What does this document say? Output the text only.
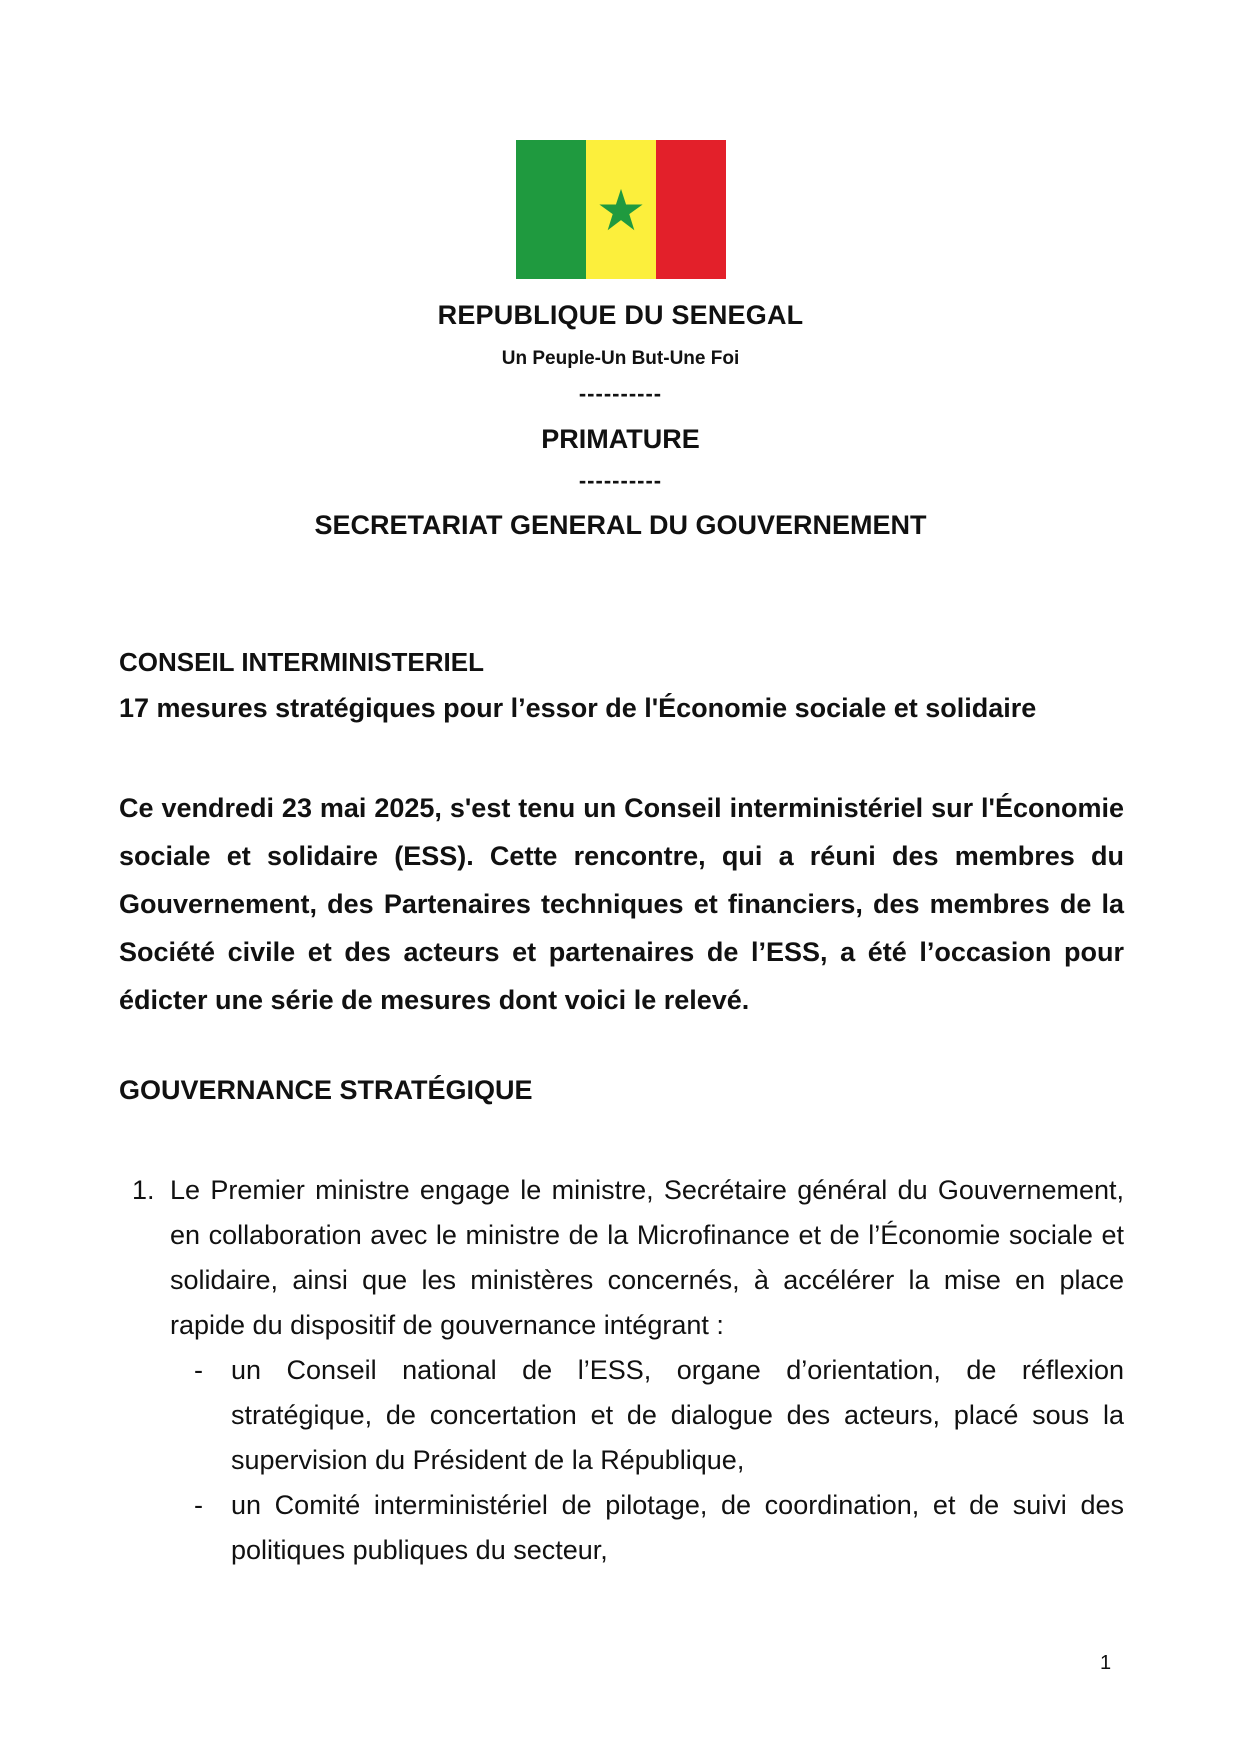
REPUBLIQUE DU SENEGAL
Un Peuple-Un But-Une Foi
----------
PRIMATURE
----------
SECRETARIAT GENERAL DU GOUVERNEMENT
CONSEIL INTERMINISTERIEL
17 mesures stratégiques pour l’essor de l'Économie sociale et solidaire
Ce vendredi 23 mai 2025, s'est tenu un Conseil interministériel sur l'Économie sociale et solidaire (ESS). Cette rencontre, qui a réuni des membres du Gouvernement, des Partenaires techniques et financiers, des membres de la Société civile et des acteurs et partenaires de l’ESS, a été l’occasion pour édicter une série de mesures dont voici le relevé.
GOUVERNANCE STRATÉGIQUE
1. Le Premier ministre engage le ministre, Secrétaire général du Gouvernement, en collaboration avec le ministre de la Microfinance et de l’Économie sociale et solidaire, ainsi que les ministères concernés, à accélérer la mise en place rapide du dispositif de gouvernance intégrant :
- un Conseil national de l’ESS, organe d’orientation, de réflexion stratégique, de concertation et de dialogue des acteurs, placé sous la supervision du Président de la République,
- un Comité interministériel de pilotage, de coordination, et de suivi des politiques publiques du secteur,
1
